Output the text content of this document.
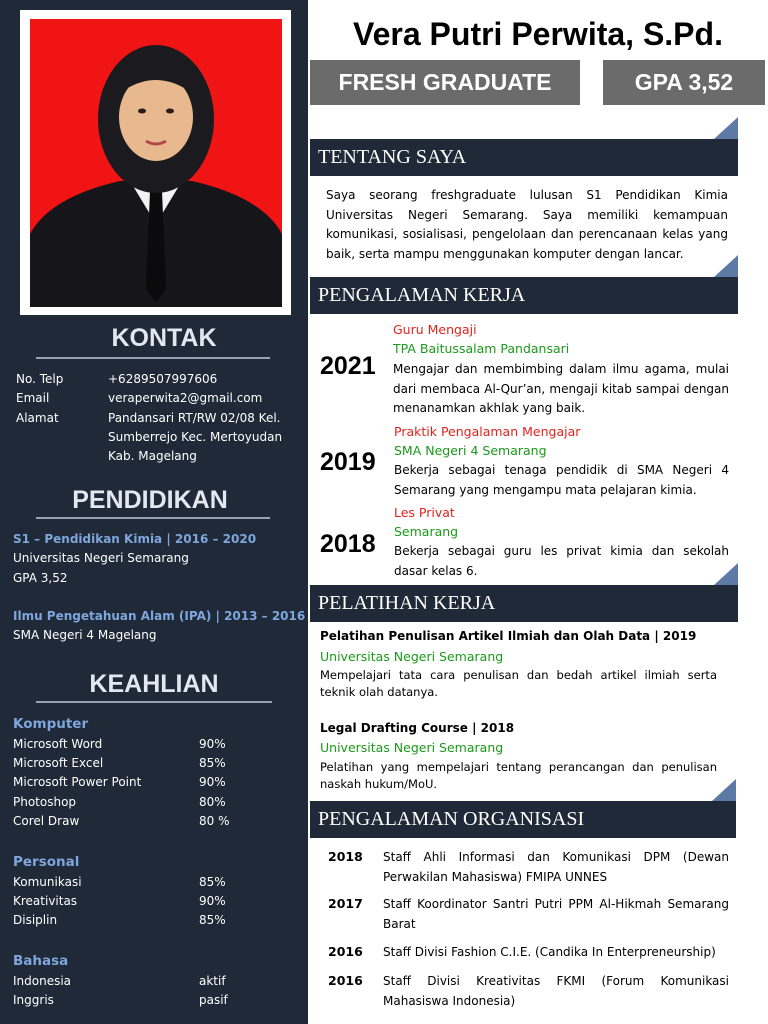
KONTAK
No. Telp	+6289507997606
Email	veraperwita2@gmail.com
Alamat	Pandansari RT/RW 02/08 Kel.
Sumberrejo Kec. Mertoyudan
Kab. Magelang
PENDIDIKAN
S1 – Pendidikan Kimia | 2016 – 2020
Universitas Negeri Semarang
GPA 3,52
Ilmu Pengetahuan Alam (IPA) | 2013 – 2016
SMA Negeri 4 Magelang
KEAHLIAN
Komputer
Microsoft Word	90%
Microsoft Excel	85%
Microsoft Power Point	90%
Photoshop	80%
Corel Draw	80 %
Personal
Komunikasi	85%
Kreativitas	90%
Disiplin	85%
Bahasa
Indonesia	aktif
Inggris	pasif
Vera Putri Perwita, S.Pd.
FRESH GRADUATE	GPA 3,52
TENTANG SAYA
Saya seorang freshgraduate lulusan S1 Pendidikan Kimia Universitas Negeri Semarang. Saya memiliki kemampuan komunikasi, sosialisasi, pengelolaan dan perencanaan kelas yang baik, serta mampu menggunakan komputer dengan lancar.
PENGALAMAN KERJA
Guru Mengaji
TPA Baitussalam Pandansari
2021 Mengajar dan membimbing dalam ilmu agama, mulai dari membaca Al-Qur’an, mengaji kitab sampai dengan menanamkan akhlak yang baik.
Praktik Pengalaman Mengajar
SMA Negeri 4 Semarang
2019 Bekerja sebagai tenaga pendidik di SMA Negeri 4 Semarang yang mengampu mata pelajaran kimia.
Les Privat
Semarang
2018 Bekerja sebagai guru les privat kimia dan sekolah dasar kelas 6.
PELATIHAN KERJA
Pelatihan Penulisan Artikel Ilmiah dan Olah Data | 2019
Universitas Negeri Semarang
Mempelajari tata cara penulisan dan bedah artikel ilmiah serta teknik olah datanya.
Legal Drafting Course | 2018
Universitas Negeri Semarang
Pelatihan yang mempelajari tentang perancangan dan penulisan naskah hukum/MoU.
PENGALAMAN ORGANISASI
2018 Staff Ahli Informasi dan Komunikasi DPM (Dewan Perwakilan Mahasiswa) FMIPA UNNES
2017 Staff Koordinator Santri Putri PPM Al-Hikmah Semarang Barat
2016 Staff Divisi Fashion C.I.E. (Candika In Enterpreneurship)
2016 Staff Divisi Kreativitas FKMI (Forum Komunikasi Mahasiswa Indonesia)
